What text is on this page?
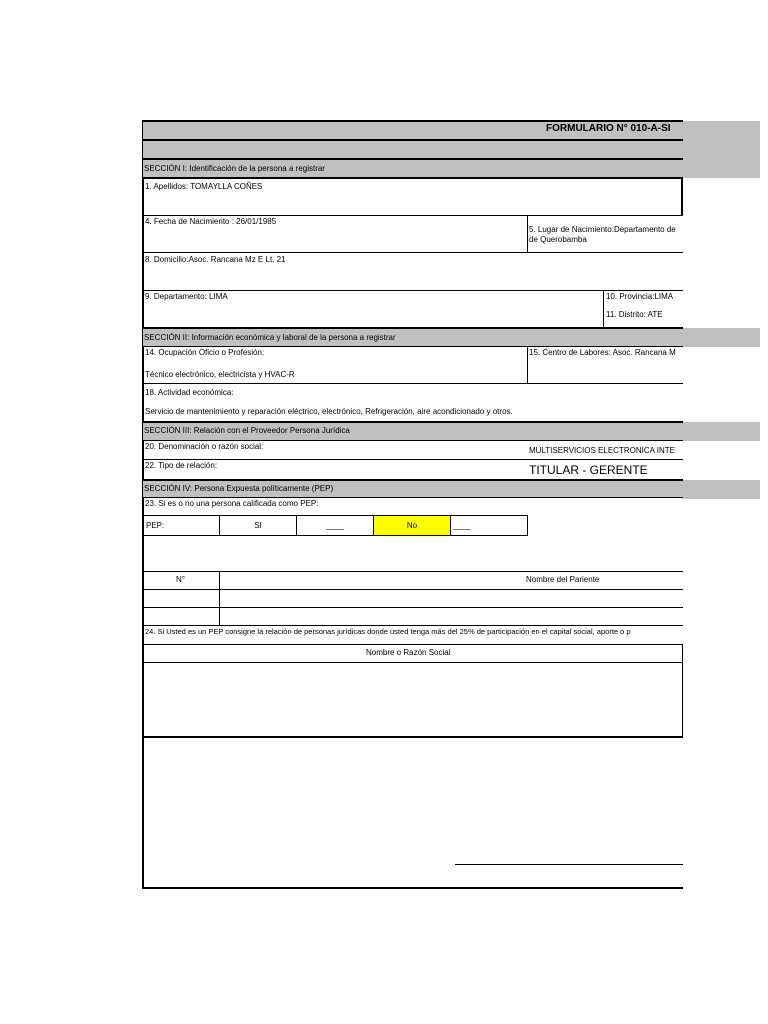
FORMULARIO N° 010-A-SI
SECCIÓN I: Identificación de la persona a registrar
1. Apellidos: TOMAYLLA COÑES
4. Fecha de Nacimiento : 26/01/1985
5. Lugar de Nacimiento:Departamento de
de Querobamba
8. Domicilio:Asoc. Rancana Mz E Lt. 21
9. Departamento: LIMA	10. Provincia:LIMA
11. Distrito: ATE
SECCIÓN II: Información económica y laboral de la persona a registrar
14. Ocupación Oficio o Profesión:
Técnico electrónico, electricista y HVAC-R
15. Centro de Labores: Asoc. Rancana M
18. Actividad económica:
Servicio de mantenimiento y reparación eléctrico, electrónico, Refrigeración, aire acondicionado y otros.
SECCIÓN III: Relación con el Proveedor Persona Jurídica
20. Denominación o razón social:	MULTISERVICIOS ELECTRONICA INTE
22. Tipo de relación:	TITULAR - GERENTE
SECCIÓN IV: Persona Expuesta políticamente (PEP)
23. Si es o no una persona calificada como PEP:
PEP:	SI	____	No	____
N°	Nombre del Pariente
24. Si Usted es un PEP consigne la relación de personas jurídicas donde usted tenga más del 25% de participación en el capital social, aporte o p
Nombre o Razón Social
